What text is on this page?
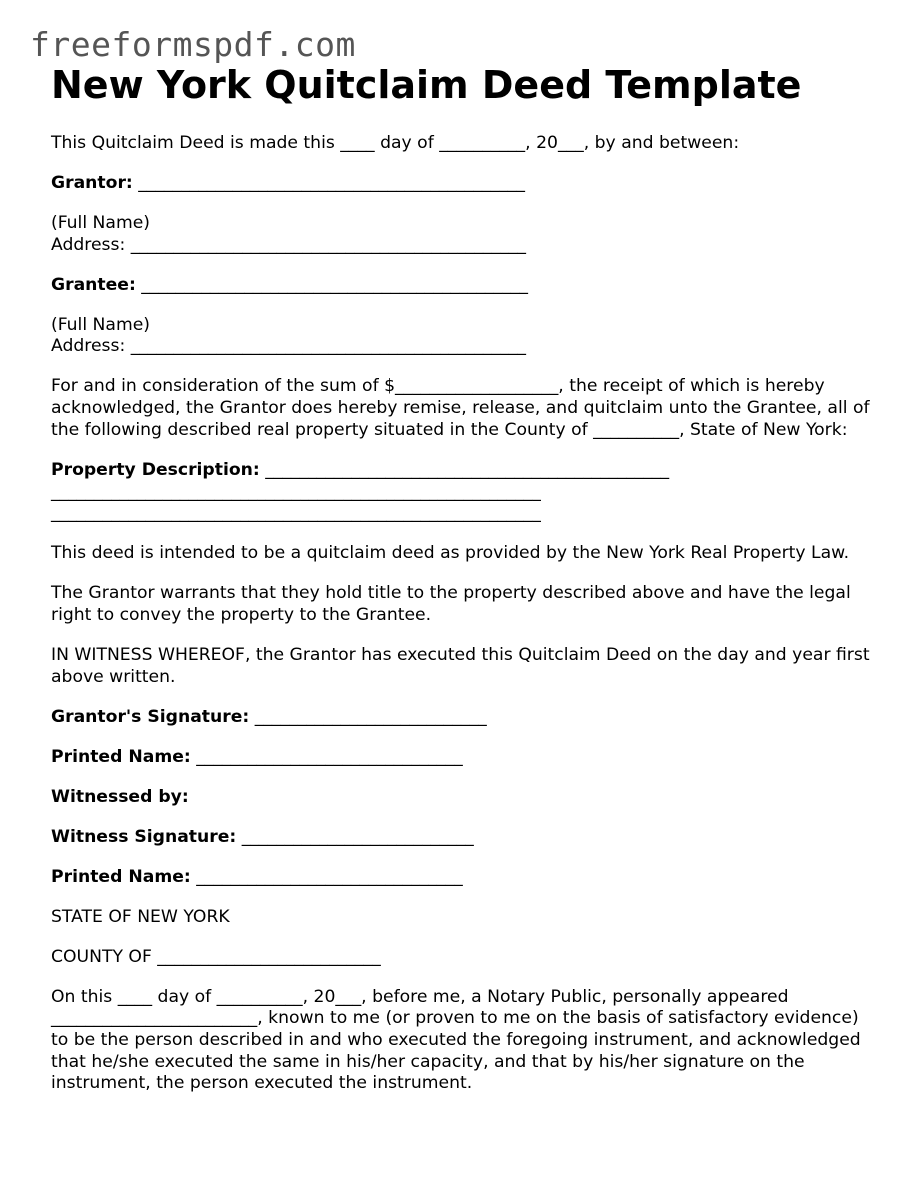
freeformspdf.com
New York Quitclaim Deed Template

This Quitclaim Deed is made this ____ day of __________, 20___, by and between:

Grantor: _____________________________________________

(Full Name)
Address: ______________________________________________

Grantee: _____________________________________________

(Full Name)
Address: ______________________________________________

For and in consideration of the sum of $___________________, the receipt of which is hereby acknowledged, the Grantor does hereby remise, release, and quitclaim unto the Grantee, all of the following described real property situated in the County of __________, State of New York:

Property Description: _______________________________________________
_________________________________________________________
_________________________________________________________

This deed is intended to be a quitclaim deed as provided by the New York Real Property Law.

The Grantor warrants that they hold title to the property described above and have the legal right to convey the property to the Grantee.

IN WITNESS WHEREOF, the Grantor has executed this Quitclaim Deed on the day and year first above written.

Grantor's Signature: ___________________________

Printed Name: _______________________________

Witnessed by:

Witness Signature: ___________________________

Printed Name: _______________________________

STATE OF NEW YORK

COUNTY OF __________________________

On this ____ day of __________, 20___, before me, a Notary Public, personally appeared ________________________, known to me (or proven to me on the basis of satisfactory evidence) to be the person described in and who executed the foregoing instrument, and acknowledged that he/she executed the same in his/her capacity, and that by his/her signature on the instrument, the person executed the instrument.
